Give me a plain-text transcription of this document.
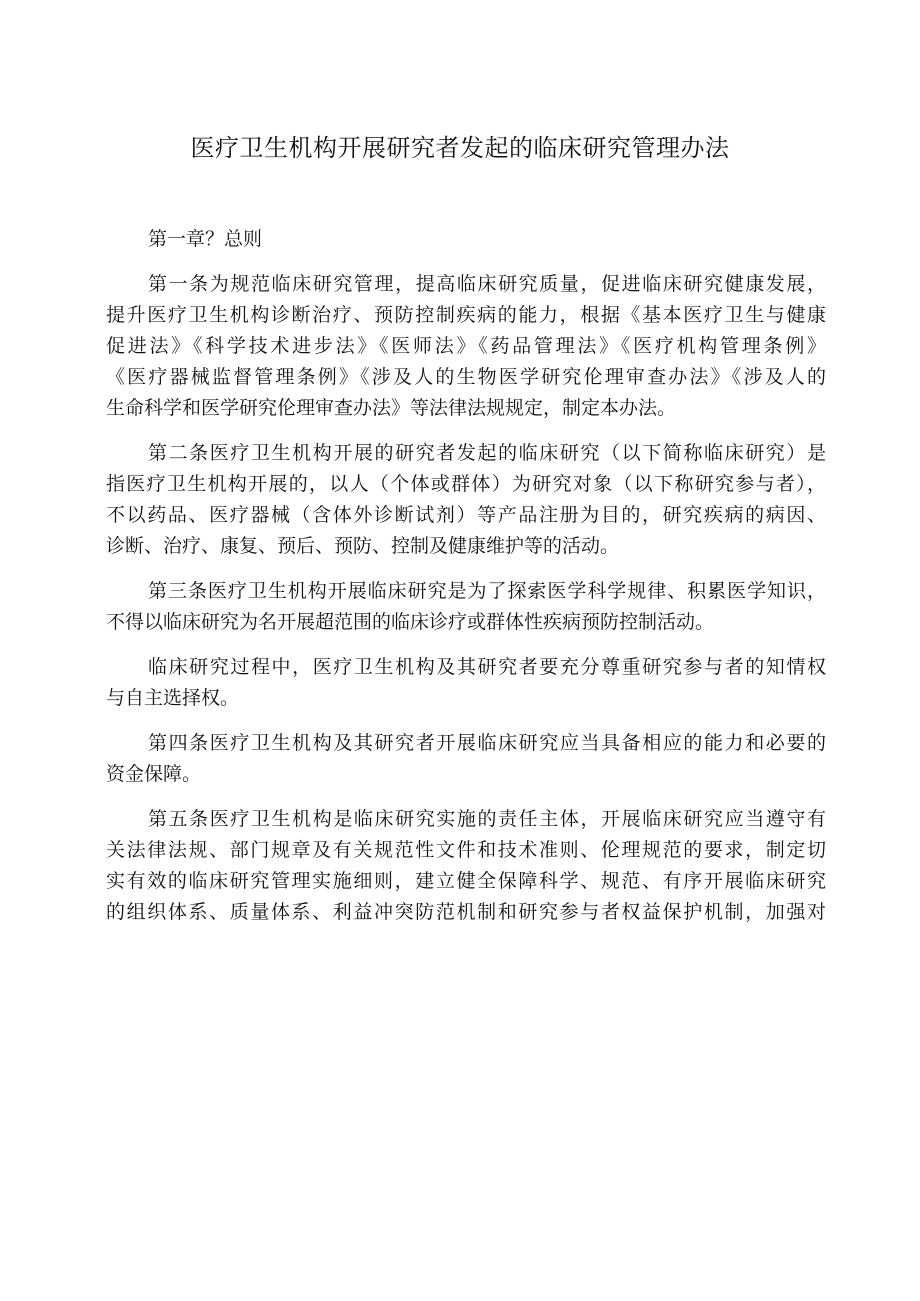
医疗卫生机构开展研究者发起的临床研究管理办法
第一章？总则
第一条为规范临床研究管理，提高临床研究质量，促进临床研究健康发展，
提升医疗卫生机构诊断治疗、预防控制疾病的能力，根据《基本医疗卫生与健康
促进法》《科学技术进步法》《医师法》《药品管理法》《医疗机构管理条例》
《医疗器械监督管理条例》《涉及人的生物医学研究伦理审查办法》《涉及人的
生命科学和医学研究伦理审查办法》等法律法规规定，制定本办法。
第二条医疗卫生机构开展的研究者发起的临床研究（以下简称临床研究）是
指医疗卫生机构开展的，以人（个体或群体）为研究对象（以下称研究参与者），
不以药品、医疗器械（含体外诊断试剂）等产品注册为目的，研究疾病的病因、
诊断、治疗、康复、预后、预防、控制及健康维护等的活动。
第三条医疗卫生机构开展临床研究是为了探索医学科学规律、积累医学知识，
不得以临床研究为名开展超范围的临床诊疗或群体性疾病预防控制活动。
临床研究过程中，医疗卫生机构及其研究者要充分尊重研究参与者的知情权
与自主选择权。
第四条医疗卫生机构及其研究者开展临床研究应当具备相应的能力和必要的
资金保障。
第五条医疗卫生机构是临床研究实施的责任主体，开展临床研究应当遵守有
关法律法规、部门规章及有关规范性文件和技术准则、伦理规范的要求，制定切
实有效的临床研究管理实施细则，建立健全保障科学、规范、有序开展临床研究
的组织体系、质量体系、利益冲突防范机制和研究参与者权益保护机制，加强对
